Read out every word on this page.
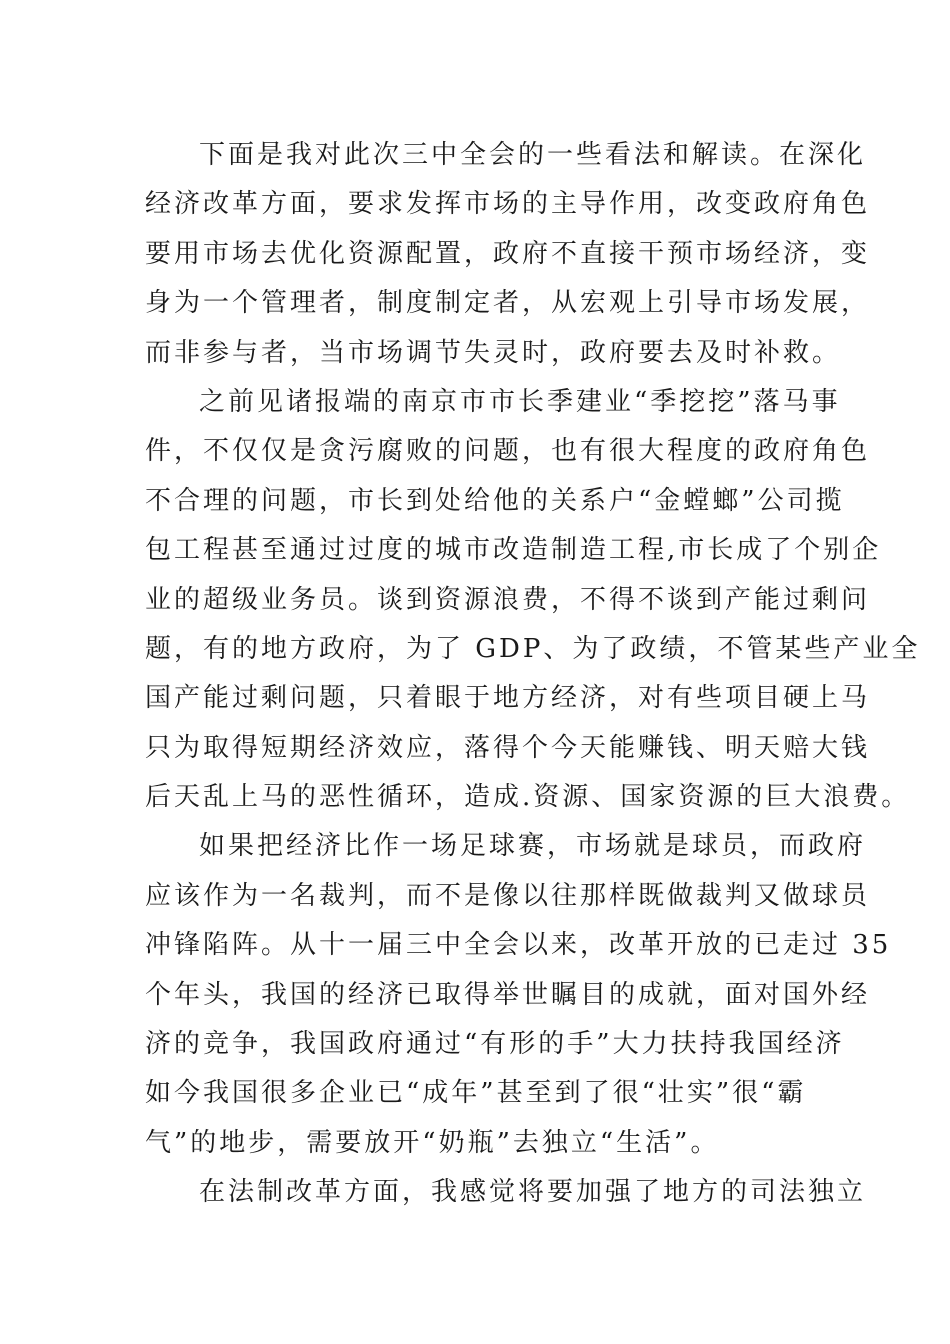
下面是我对此次三中全会的一些看法和解读。在深化
经济改革方面，要求发挥市场的主导作用，改变政府角色
要用市场去优化资源配置，政府不直接干预市场经济，变
身为一个管理者，制度制定者，从宏观上引导市场发展，
而非参与者，当市场调节失灵时，政府要去及时补救。
之前见诸报端的南京市市长季建业“季挖挖”落马事
件，不仅仅是贪污腐败的问题，也有很大程度的政府角色
不合理的问题，市长到处给他的关系户“金螳螂”公司揽
包工程甚至通过过度的城市改造制造工程,市长成了个别企
业的超级业务员。谈到资源浪费，不得不谈到产能过剩问
题，有的地方政府，为了 GDP、为了政绩，不管某些产业全
国产能过剩问题，只着眼于地方经济，对有些项目硬上马
只为取得短期经济效应，落得个今天能赚钱、明天赔大钱
后天乱上马的恶性循环，造成.资源、国家资源的巨大浪费。
如果把经济比作一场足球赛，市场就是球员，而政府
应该作为一名裁判，而不是像以往那样既做裁判又做球员
冲锋陷阵。从十一届三中全会以来，改革开放的已走过 35
个年头，我国的经济已取得举世瞩目的成就，面对国外经
济的竞争，我国政府通过“有形的手”大力扶持我国经济
如今我国很多企业已“成年”甚至到了很“壮实”很“霸
气”的地步，需要放开“奶瓶”去独立“生活”。
在法制改革方面，我感觉将要加强了地方的司法独立
